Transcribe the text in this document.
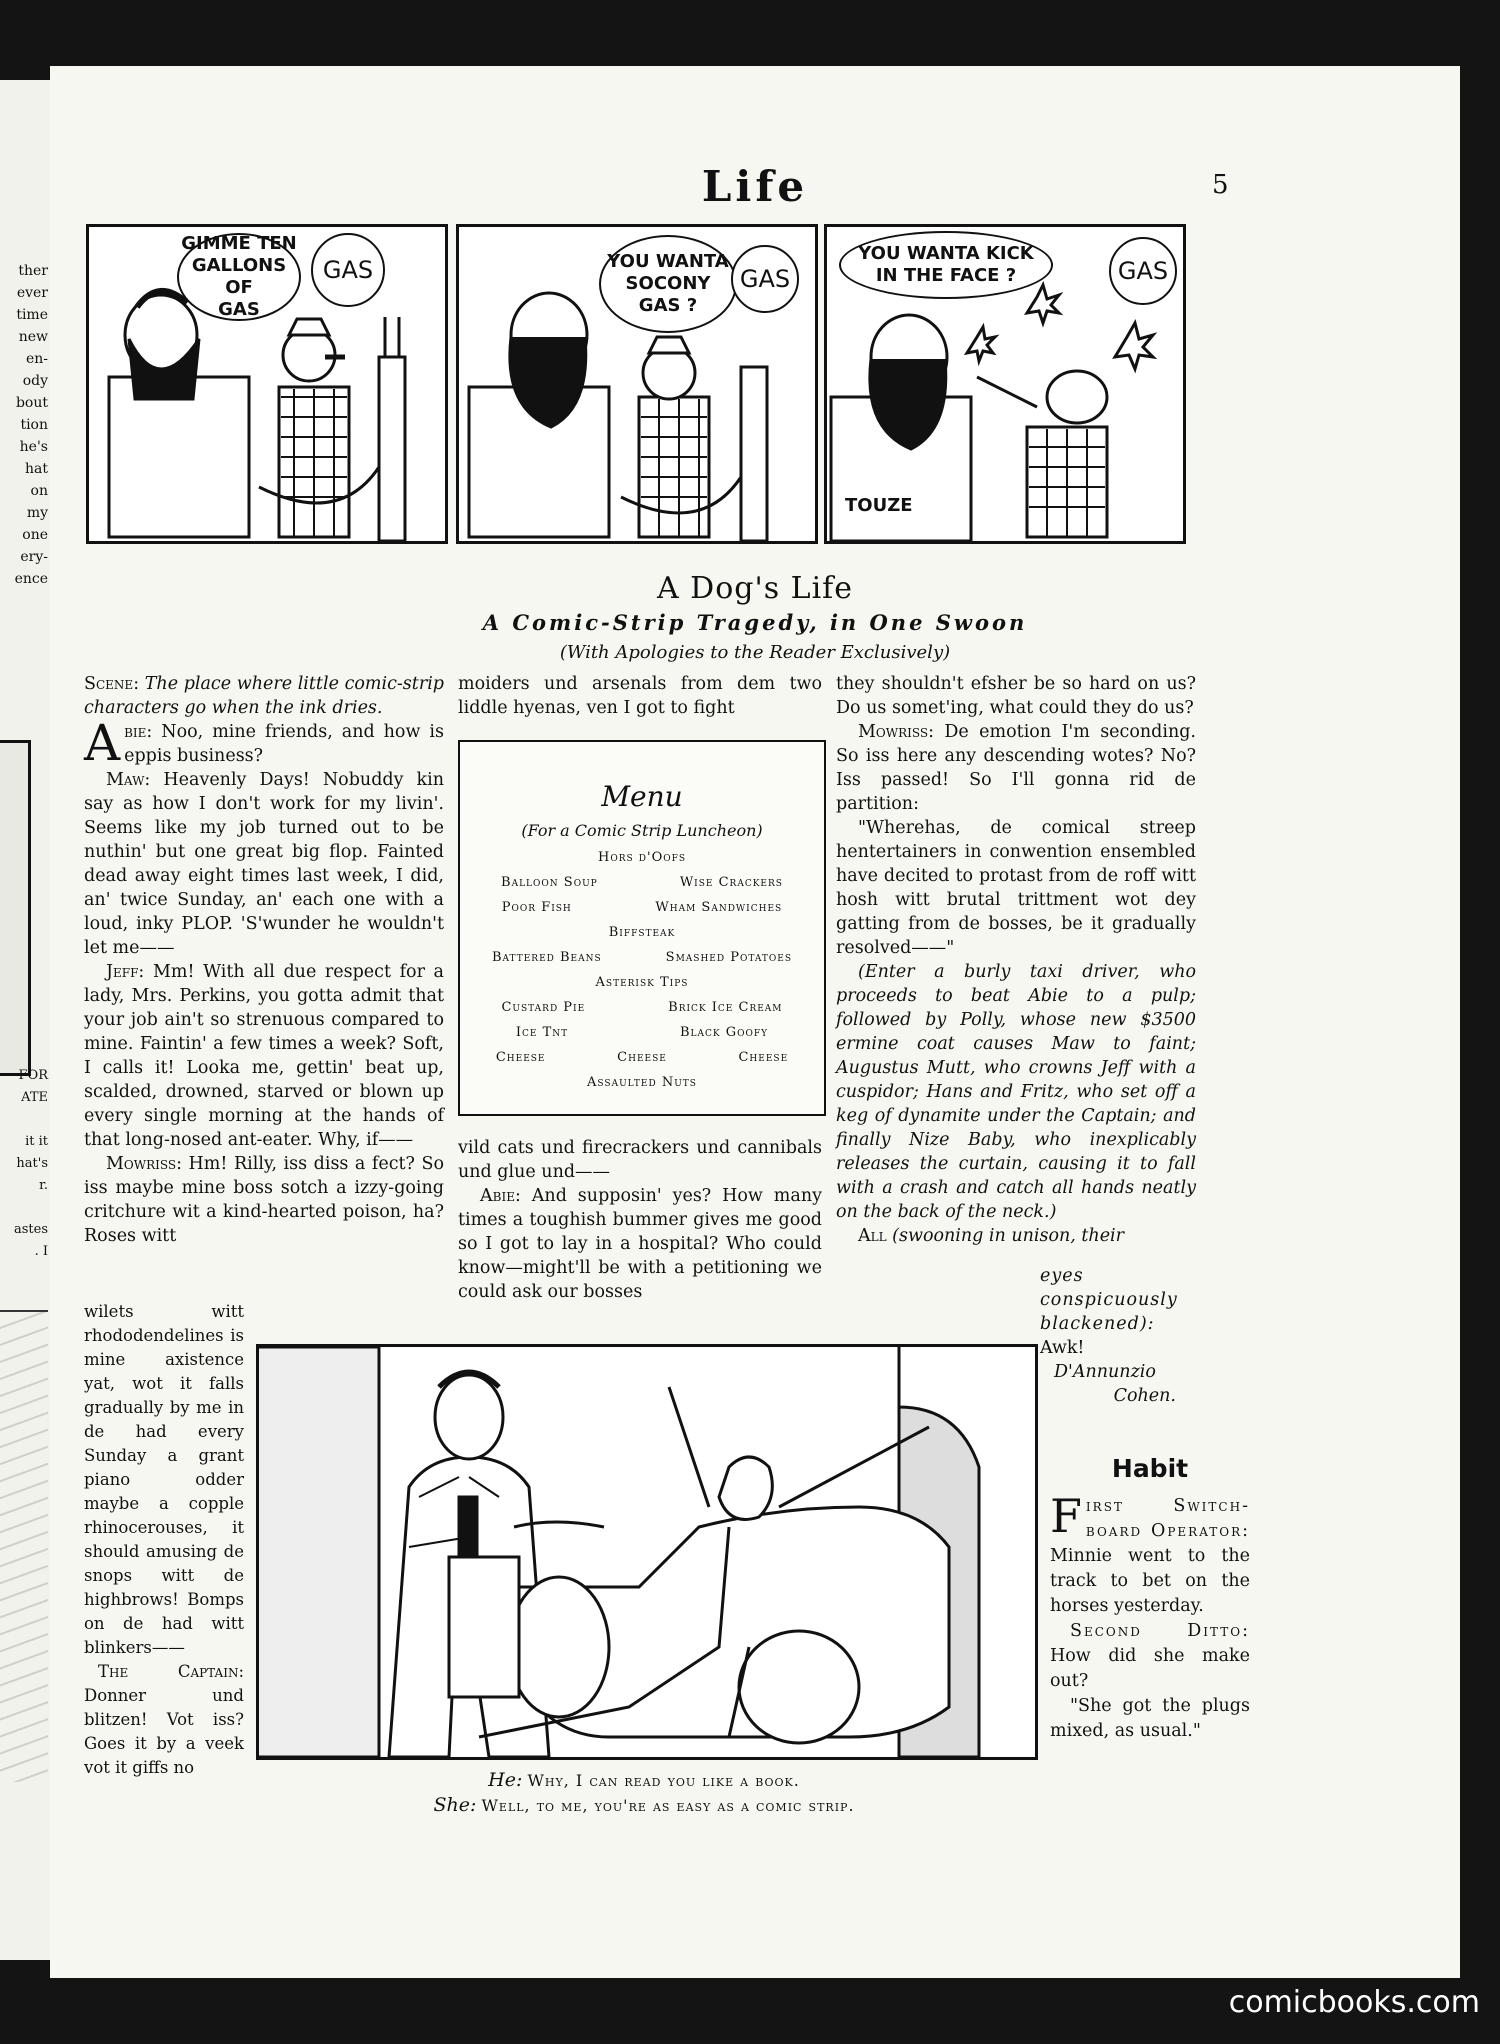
ther
ever
time
new
en-
ody
bout
tion
he's
hat
on
my
one
ery-
ence
FOR
ATE

it it
hat's
r.

astes
. I
Life	5
GIMME TEN
GALLONS OF
GAS
GAS	YOU WANTA
SOCONY
GAS ?
GAS
YOU WANTA KICK
IN THE FACE ?	GAS
TOUZE
A Dog's Life
A Comic-Strip Tragedy, in One Swoon
(With Apologies to the Reader Exclusively)

Scene: The place where little comic-strip characters go when the ink dries.

Abie: Noo, mine friends, and how is eppis business?

Maw: Heavenly Days! Nobuddy kin say as how I don't work for my livin'. Seems like my job turned out to be nuthin' but one great big flop. Fainted dead away eight times last week, I did, an' twice Sunday, an' each one with a loud, inky PLOP. 'S'wunder he wouldn't let me——

Jeff: Mm! With all due respect for a lady, Mrs. Perkins, you gotta admit that your job ain't so strenuous compared to mine. Faintin' a few times a week? Soft, I calls it! Looka me, gettin' beat up, scalded, drowned, starved or blown up every single morning at the hands of that long-nosed ant-eater. Why, if——

Mowriss: Hm! Rilly, iss diss a fect? So iss maybe mine boss sotch a izzy-going critchure wit a kind-hearted poison, ha? Roses witt

wilets witt rhododendelines is mine axistence yat, wot it falls gradually by me in de had every Sunday a grant piano odder maybe a copple rhinocerouses, it should amusing de snops witt de highbrows! Bomps on de had witt blinkers——

The Captain: Donner und blitzen! Vot iss? Goes it by a veek vot it giffs no

moiders und arsenals from dem two liddle hyenas, ven I got to fight

Menu
(For a Comic Strip Luncheon)
Hors d'Oofs
Balloon Soup	Wise Crackers
Poor Fish	Wham Sandwiches
Biffsteak
Battered Beans	Smashed Potatoes
Asterisk Tips
Custard Pie	Brick Ice Cream
Ice Tnt	Black Goofy
Cheese	Cheese	Cheese
Assaulted Nuts

vild cats und firecrackers und cannibals und glue und——

Abie: And supposin' yes? How many times a toughish bummer gives me good so I got to lay in a hospital? Who could know—might'll be with a petitioning we could ask our bosses

they shouldn't efsher be so hard on us? Do us somet'ing, what could they do us?

Mowriss: De emotion I'm seconding. So iss here any descending wotes? No? Iss passed! So I'll gonna rid de partition:

"Wherehas, de comical streep hentertainers in conwention ensembled have decited to protast from de roff witt hosh witt brutal trittment wot dey gatting from de bosses, be it gradually resolved——"

(Enter a burly taxi driver, who proceeds to beat Abie to a pulp; followed by Polly, whose new $3500 ermine coat causes Maw to faint; Augustus Mutt, who crowns Jeff with a cuspidor; Hans and Fritz, who set off a keg of dynamite under the Captain; and finally Nize Baby, who inexplicably releases the curtain, causing it to fall with a crash and catch all hands neatly on the back of the neck.)

All (swooning in unison, their

eyes conspicuously blackened):

Awk!

D'Annunzio

Cohen.

He: Why, I can read you like a book.
She: Well, to me, you're as easy as a comic strip.
Habit

First Switch-board Operator: Minnie went to the track to bet on the horses yesterday.

Second Ditto: How did she make out?

"She got the plugs mixed, as usual."

comicbooks.com
